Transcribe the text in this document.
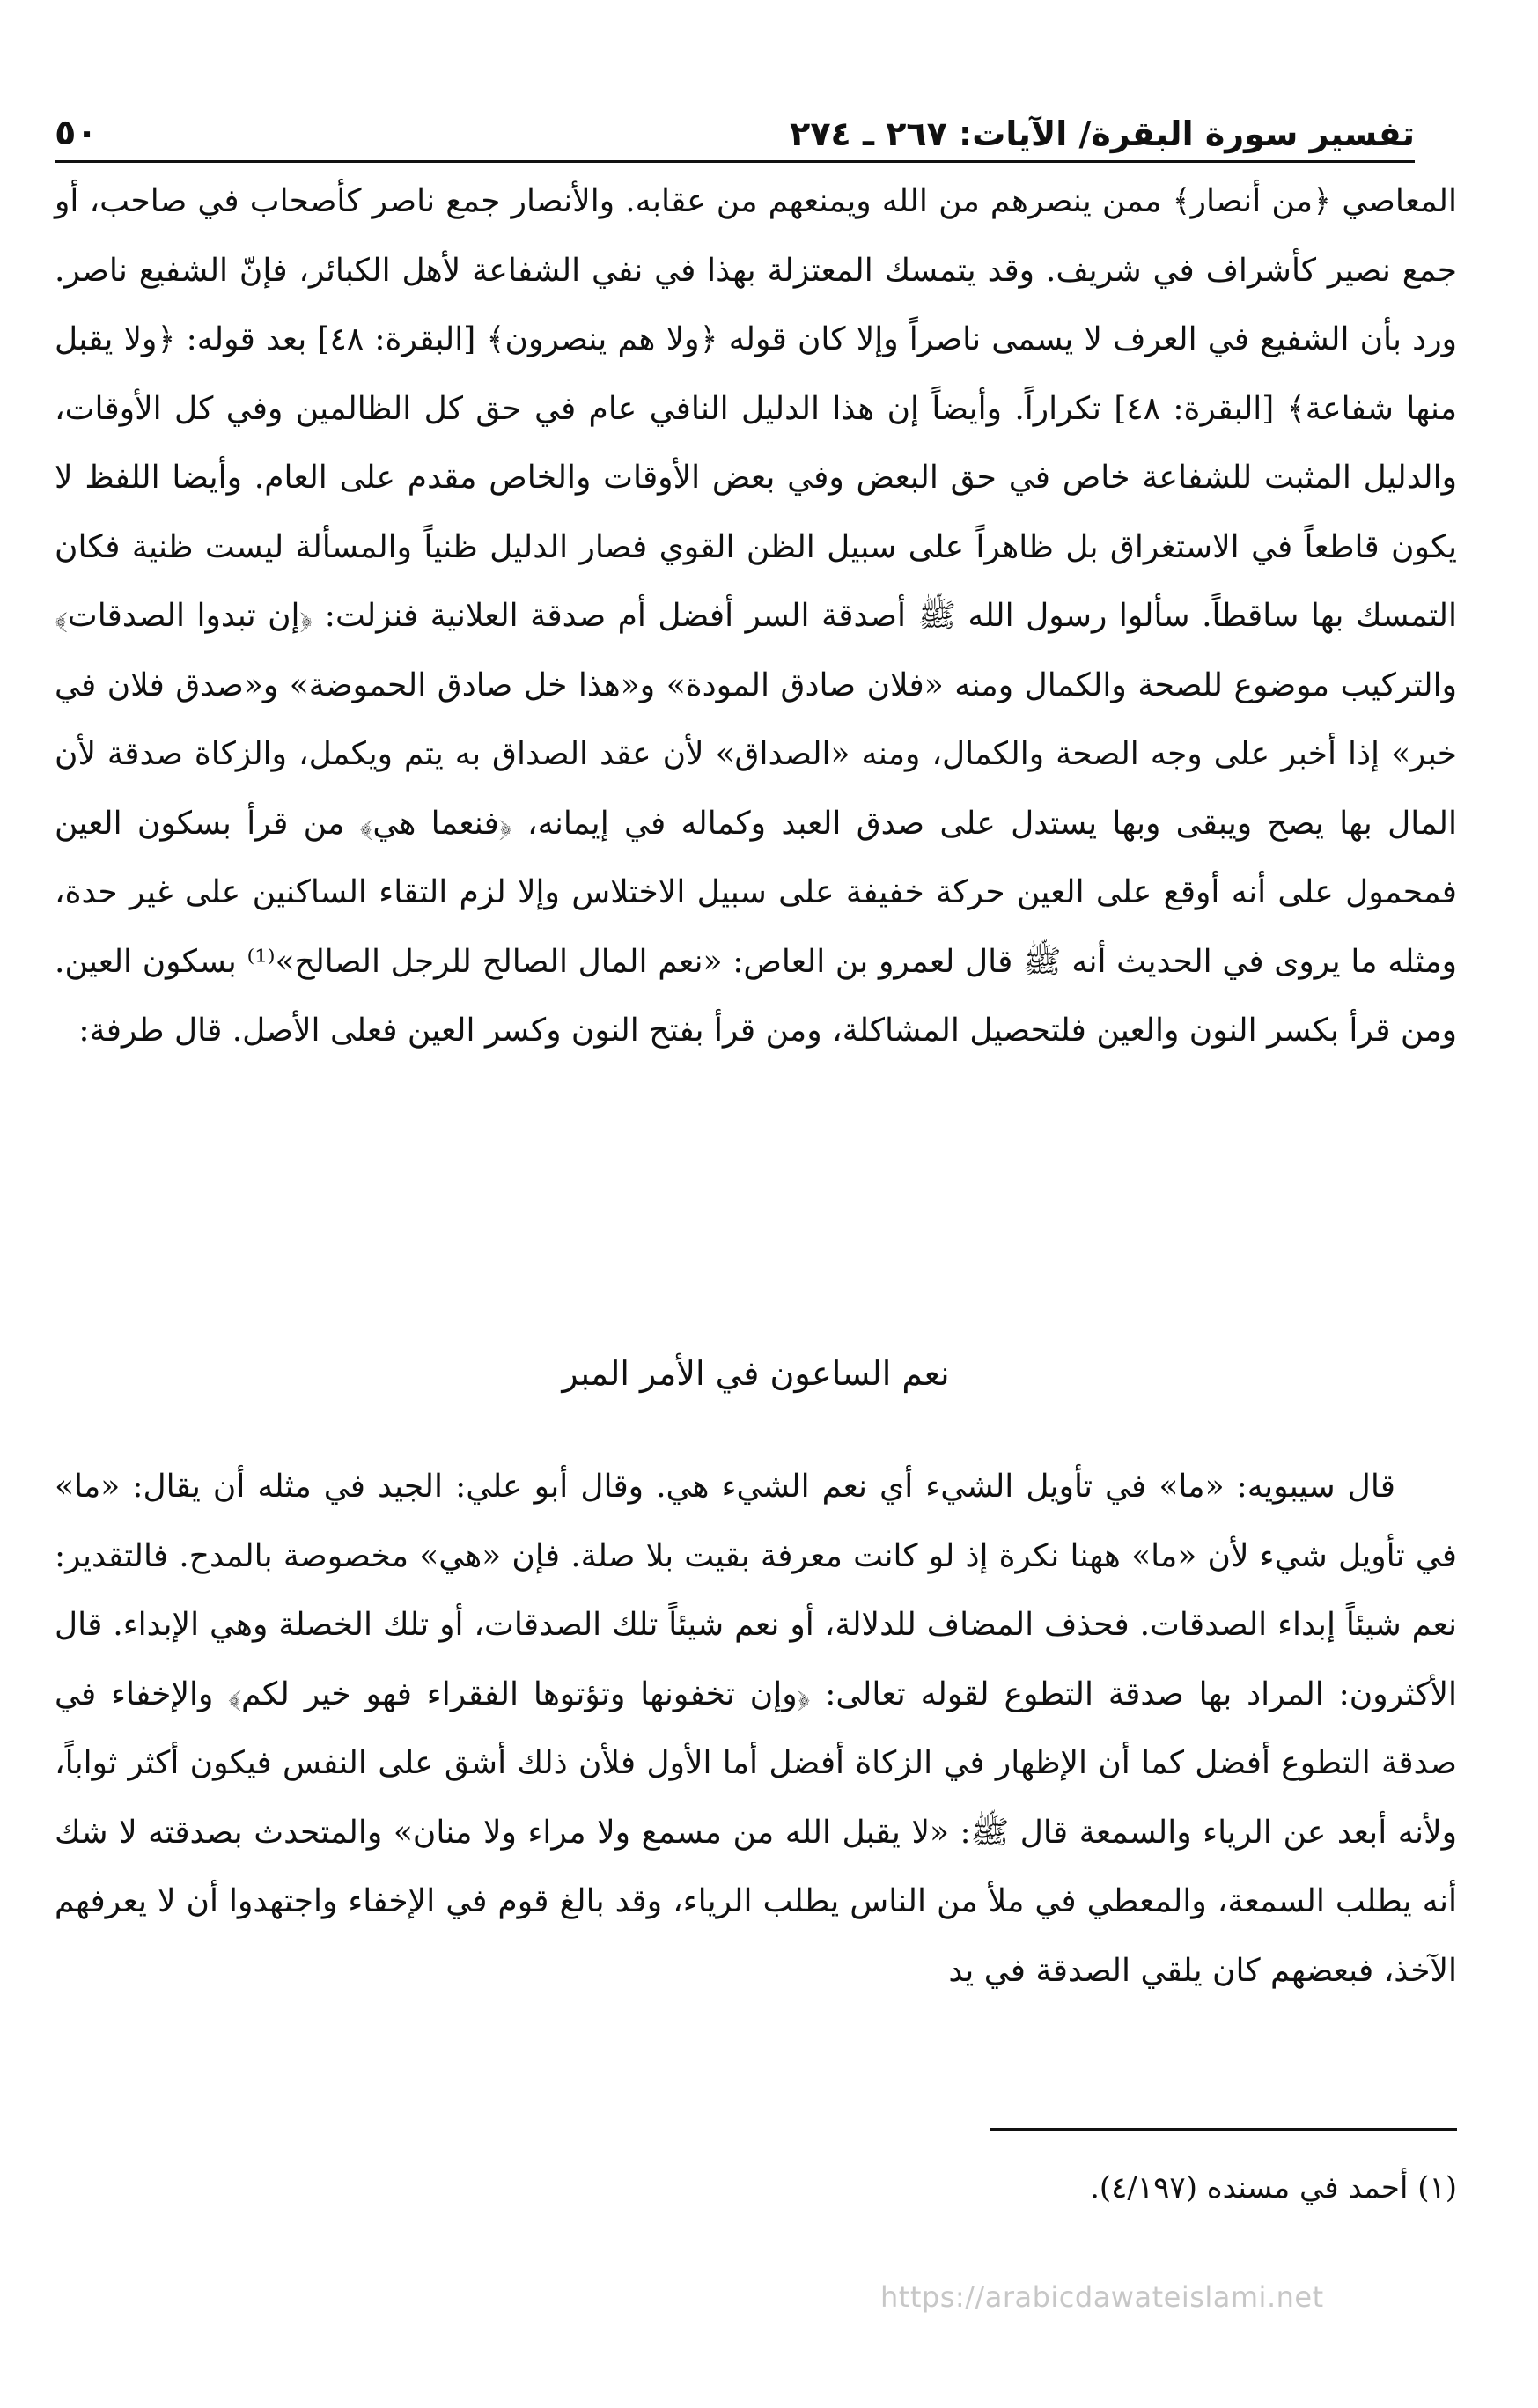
تفسير سورة البقرة/ الآيات: ٢٦٧ ـ ٢٧٤
٥٠

المعاصي ﴿من أنصار﴾ ممن ينصرهم من الله ويمنعهم من عقابه. والأنصار جمع ناصر كأصحاب في صاحب، أو جمع نصير كأشراف في شريف. وقد يتمسك المعتزلة بهذا في نفي الشفاعة لأهل الكبائر، فإنّ الشفيع ناصر. ورد بأن الشفيع في العرف لا يسمى ناصراً وإلا كان قوله ﴿ولا هم ينصرون﴾ [البقرة: ٤٨] بعد قوله: ﴿ولا يقبل منها شفاعة﴾ [البقرة: ٤٨] تكراراً. وأيضاً إن هذا الدليل النافي عام في حق كل الظالمين وفي كل الأوقات، والدليل المثبت للشفاعة خاص في حق البعض وفي بعض الأوقات والخاص مقدم على العام. وأيضا اللفظ لا يكون قاطعاً في الاستغراق بل ظاهراً على سبيل الظن القوي فصار الدليل ظنياً والمسألة ليست ظنية فكان التمسك بها ساقطاً. سألوا رسول الله ﷺ أصدقة السر أفضل أم صدقة العلانية فنزلت: ﴿إن تبدوا الصدقات﴾ والتركيب موضوع للصحة والكمال ومنه «فلان صادق المودة» و«هذا خل صادق الحموضة» و«صدق فلان في خبر» إذا أخبر على وجه الصحة والكمال، ومنه «الصداق» لأن عقد الصداق به يتم ويكمل، والزكاة صدقة لأن المال بها يصح ويبقى وبها يستدل على صدق العبد وكماله في إيمانه، ﴿فنعما هي﴾ من قرأ بسكون العين فمحمول على أنه أوقع على العين حركة خفيفة على سبيل الاختلاس وإلا لزم التقاء الساكنين على غير حدة، ومثله ما يروى في الحديث أنه ﷺ قال لعمرو بن العاص: «نعم المال الصالح للرجل الصالح»⁽¹⁾ بسكون العين. ومن قرأ بكسر النون والعين فلتحصيل المشاكلة، ومن قرأ بفتح النون وكسر العين فعلى الأصل. قال طرفة:

نعم الساعون في الأمر المبر

قال سيبويه: «ما» في تأويل الشيء أي نعم الشيء هي. وقال أبو علي: الجيد في مثله أن يقال: «ما» في تأويل شيء لأن «ما» ههنا نكرة إذ لو كانت معرفة بقيت بلا صلة. فإن «هي» مخصوصة بالمدح. فالتقدير: نعم شيئاً إبداء الصدقات. فحذف المضاف للدلالة، أو نعم شيئاً تلك الصدقات، أو تلك الخصلة وهي الإبداء. قال الأكثرون: المراد بها صدقة التطوع لقوله تعالى: ﴿وإن تخفونها وتؤتوها الفقراء فهو خير لكم﴾ والإخفاء في صدقة التطوع أفضل كما أن الإظهار في الزكاة أفضل أما الأول فلأن ذلك أشق على النفس فيكون أكثر ثواباً، ولأنه أبعد عن الرياء والسمعة قال ﷺ: «لا يقبل الله من مسمع ولا مراء ولا منان» والمتحدث بصدقته لا شك أنه يطلب السمعة، والمعطي في ملأ من الناس يطلب الرياء، وقد بالغ قوم في الإخفاء واجتهدوا أن لا يعرفهم الآخذ، فبعضهم كان يلقي الصدقة في يد

(١) أحمد في مسنده (٤/١٩٧).
https://arabicdawateislami.net
